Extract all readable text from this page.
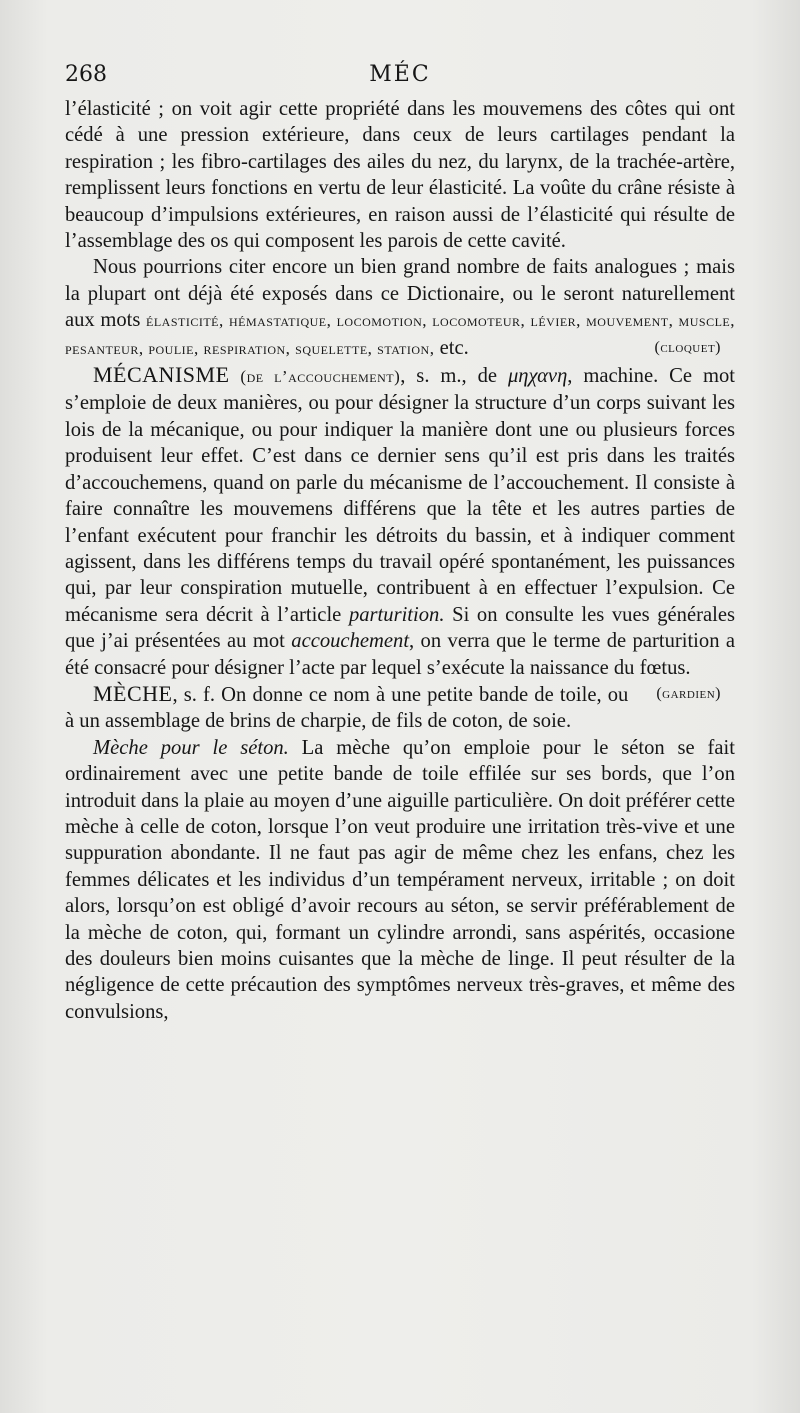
268	MÉC

l’élasticité ; on voit agir cette propriété dans les mouvemens des côtes qui ont cédé à une pression extérieure, dans ceux de leurs cartilages pendant la respiration ; les fibro-cartilages des ailes du nez, du larynx, de la trachée-artère, remplissent leurs fonctions en vertu de leur élasticité. La voûte du crâne résiste à beaucoup d’impulsions extérieures, en raison aussi de l’élasticité qui résulte de l’assemblage des os qui composent les parois de cette cavité.

Nous pourrions citer encore un bien grand nombre de faits analogues ; mais la plupart ont déjà été exposés dans ce Dictionaire, ou le seront naturellement aux mots élasticité, hémastatique, locomotion, locomoteur, lévier, mouvement, muscle, pesanteur, poulie, respiration, squelette, station, etc.	(cloquet)

MÉCANISME (de l’accouchement), s. m., de μηχανη, machine. Ce mot s’emploie de deux manières, ou pour désigner la structure d’un corps suivant les lois de la mécanique, ou pour indiquer la manière dont une ou plusieurs forces produisent leur effet. C’est dans ce dernier sens qu’il est pris dans les traités d’accouchemens, quand on parle du mécanisme de l’accouchement. Il consiste à faire connaître les mouvemens différens que la tête et les autres parties de l’enfant exécutent pour franchir les détroits du bassin, et à indiquer comment agissent, dans les différens temps du travail opéré spontanément, les puissances qui, par leur conspiration mutuelle, contribuent à en effectuer l’expulsion. Ce mécanisme sera décrit à l’article parturition. Si on consulte les vues générales que j’ai présentées au mot accouchement, on verra que le terme de parturition a été consacré pour désigner l’acte par lequel s’exécute la naissance du fœtus.
(gardien)

MÈCHE, s. f. On donne ce nom à une petite bande de toile, ou à un assemblage de brins de charpie, de fils de coton, de soie.

Mèche pour le séton. La mèche qu’on emploie pour le séton se fait ordinairement avec une petite bande de toile effilée sur ses bords, que l’on introduit dans la plaie au moyen d’une aiguille particulière. On doit préférer cette mèche à celle de coton, lorsque l’on veut produire une irritation très-vive et une suppuration abondante. Il ne faut pas agir de même chez les enfans, chez les femmes délicates et les individus d’un tempérament nerveux, irritable ; on doit alors, lorsqu’on est obligé d’avoir recours au séton, se servir préférablement de la mèche de coton, qui, formant un cylindre arrondi, sans aspérités, occasione des douleurs bien moins cuisantes que la mèche de linge. Il peut résulter de la négligence de cette précaution des symptômes nerveux très-graves, et même des convulsions,
